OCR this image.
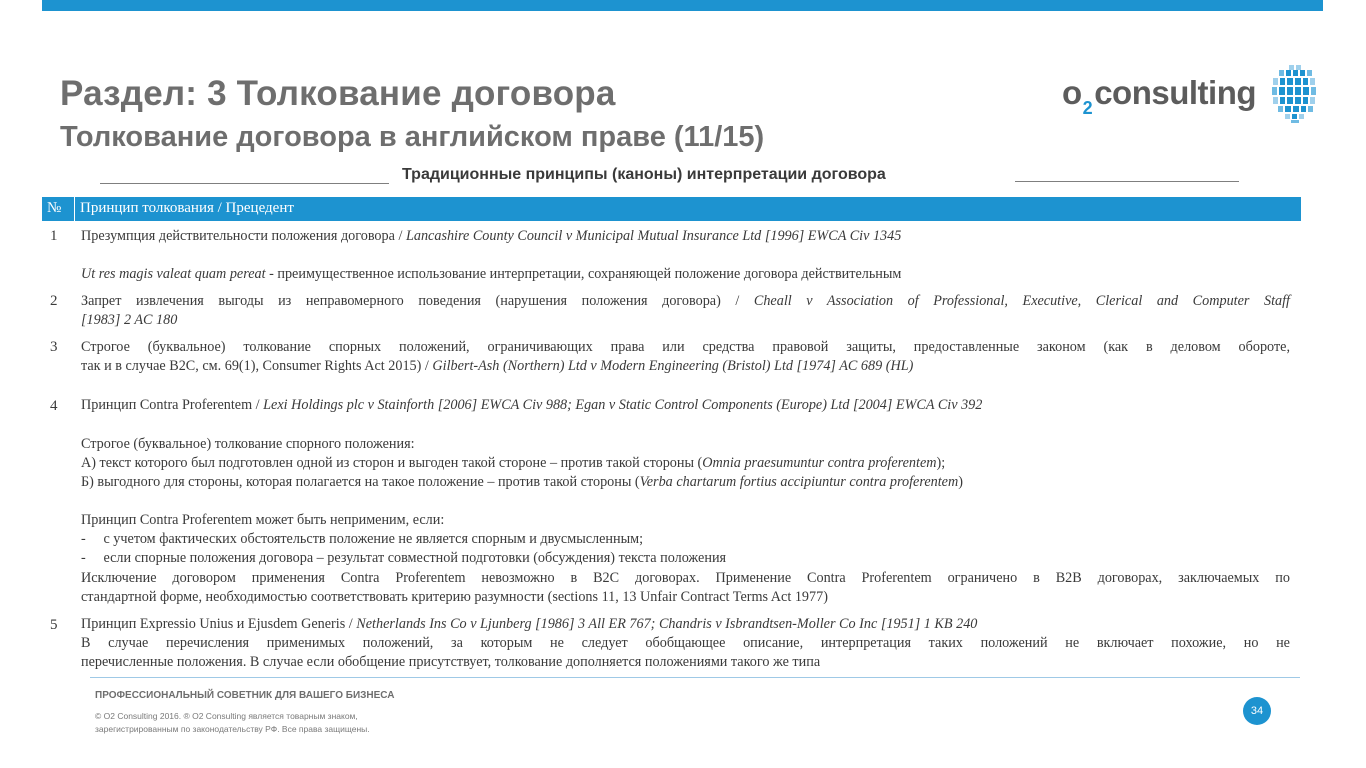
Раздел: 3 Толкование договора
Толкование договора в английском праве (11/15)
$o_2consulting$
Традиционные принципы (каноны) интерпретации договора
№ Принцип толкования / Прецедент
1 Презумпция действительности положения договора / Lancashire County Council v Municipal Mutual Insurance Ltd [1996] EWCA Civ 1345
Ut res magis valeat quam pereat - преимущественное использование интерпретации, сохраняющей положение договора действительным
2 Запрет извлечения выгоды из неправомерного поведения (нарушения положения договора) / Cheall v Association of Professional, Executive, Clerical and Computer Staff
[1983] 2 AC 180
3 Строгое (буквальное) толкование спорных положений, ограничивающих права или средства правовой защиты, предоставленные законом (как в деловом обороте,
так и в случае B2C, см. 69(1), Consumer Rights Act 2015) / Gilbert-Ash (Northern) Ltd v Modern Engineering (Bristol) Ltd [1974] AC 689 (HL)
4 Принцип Contra Proferentem / Lexi Holdings plc v Stainforth [2006] EWCA Civ 988; Egan v Static Control Components (Europe) Ltd [2004] EWCA Civ 392
Строгое (буквальное) толкование спорного положения:
А) текст которого был подготовлен одной из сторон и выгоден такой стороне – против такой стороны (Omnia praesumuntur contra proferentem);
Б) выгодного для стороны, которая полагается на такое положение – против такой стороны (Verba chartarum fortius accipiuntur contra proferentem)
Принцип Contra Proferentem может быть неприменим, если:
-     с учетом фактических обстоятельств положение не является спорным и двусмысленным;
-     если спорные положения договора – результат совместной подготовки (обсуждения) текста положения
Исключение договором применения Contra Proferentem невозможно в B2C договорах. Применение Contra Proferentem ограничено в B2B договорах, заключаемых по
стандартной форме, необходимостью соответствовать критерию разумности (sections 11, 13 Unfair Contract Terms Act 1977)
5 Принцип Expressio Unius и Ejusdem Generis / Netherlands Ins Co v Ljunberg [1986] 3 All ER 767; Chandris v Isbrandtsen-Moller Co Inc [1951] 1 KB 240
В случае перечисления применимых положений, за которым не следует обобщающее описание, интерпретация таких положений не включает похожие, но не
перечисленные положения. В случае если обобщение присутствует, толкование дополняется положениями такого же типа
ПРОФЕССИОНАЛЬНЫЙ СОВЕТНИК ДЛЯ ВАШЕГО БИЗНЕСА
© O2 Consulting 2016. ® O2 Consulting является товарным знаком,
зарегистрированным по законодательству РФ. Все права защищены.
34
